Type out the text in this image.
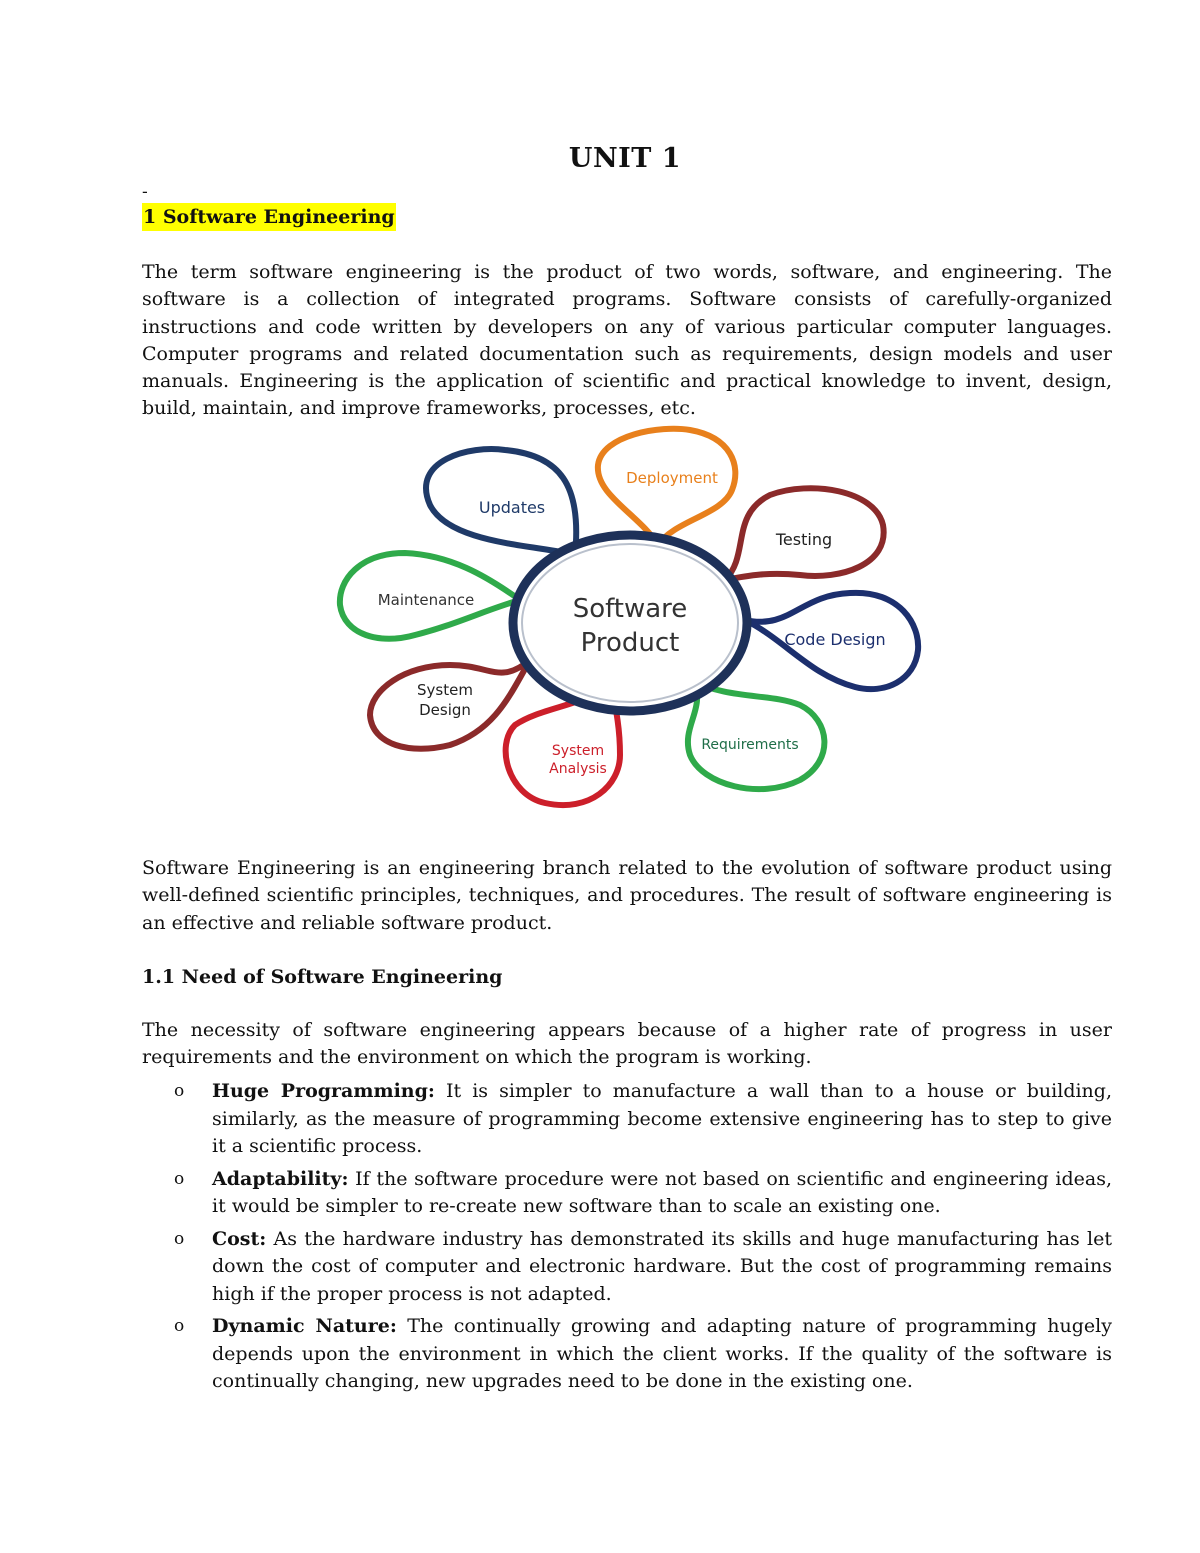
UNIT 1
-
1 Software Engineering
The term software engineering is the product of two words, software, and engineering. The software is a collection of integrated programs. Software consists of carefully-organized instructions and code written by developers on any of various particular computer languages. Computer programs and related documentation such as requirements, design models and user manuals. Engineering is the application of scientific and practical knowledge to invent, design, build, maintain, and improve frameworks, processes, etc.
Updates
Deployment
Testing
Code Design
Requirements
System
Analysis
System
Design
Maintenance	Software
Product
Software Engineering is an engineering branch related to the evolution of software product using well-defined scientific principles, techniques, and procedures. The result of software engineering is an effective and reliable software product.
1.1 Need of Software Engineering
The necessity of software engineering appears because of a higher rate of progress in user requirements and the environment on which the program is working.
o Huge Programming: It is simpler to manufacture a wall than to a house or building, similarly, as the measure of programming become extensive engineering has to step to give it a scientific process.
o Adaptability: If the software procedure were not based on scientific and engineering ideas, it would be simpler to re-create new software than to scale an existing one.
o Cost: As the hardware industry has demonstrated its skills and huge manufacturing has let down the cost of computer and electronic hardware. But the cost of programming remains high if the proper process is not adapted.
o Dynamic Nature: The continually growing and adapting nature of programming hugely depends upon the environment in which the client works. If the quality of the software is continually changing, new upgrades need to be done in the existing one.
